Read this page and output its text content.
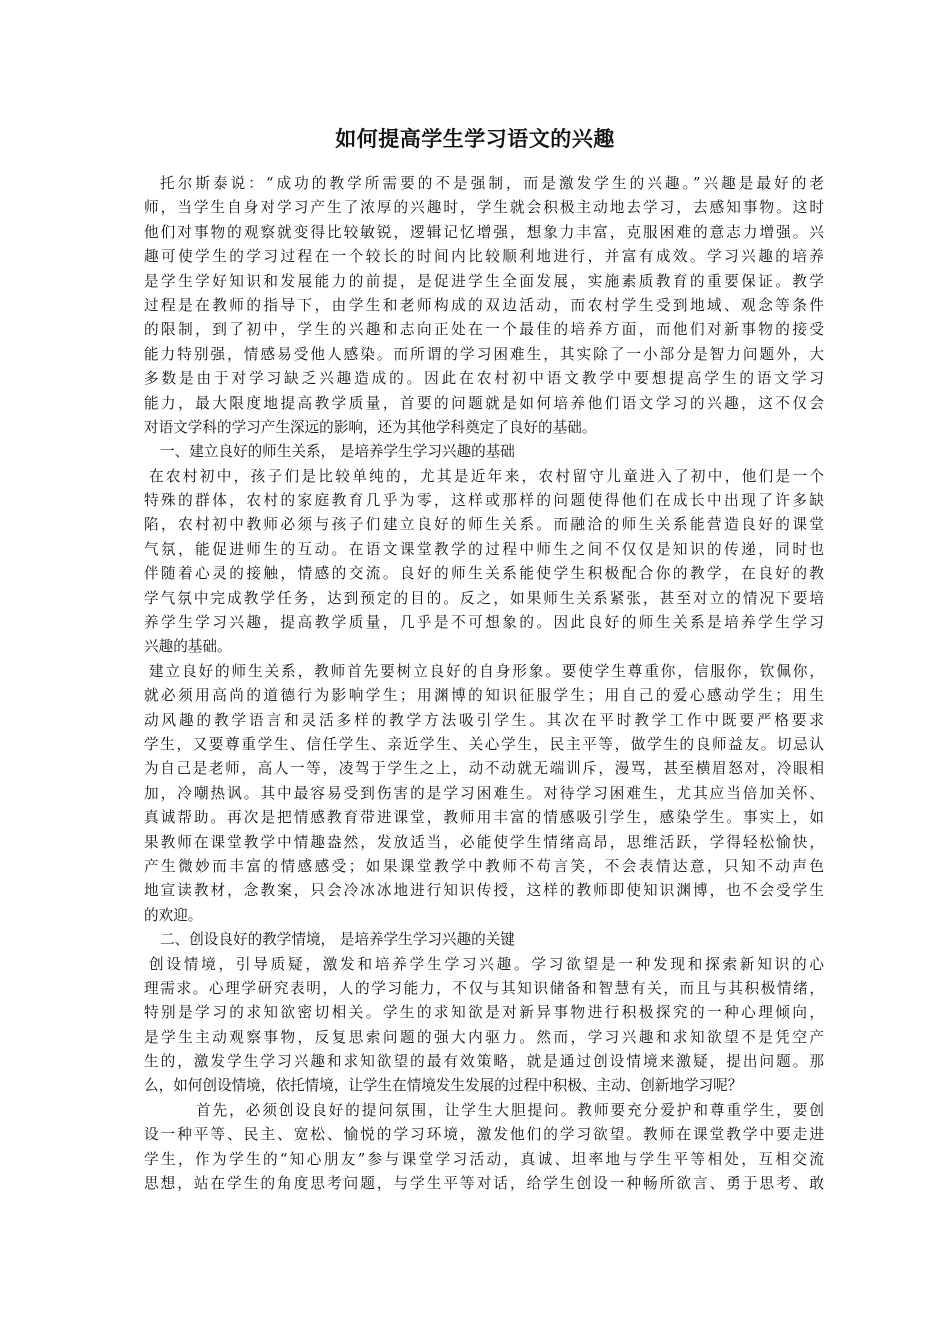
如何提高学生学习语文的兴趣
托尔斯泰说：“成功的教学所需要的不是强制，而是激发学生的兴趣。”兴趣是最好的老
师，当学生自身对学习产生了浓厚的兴趣时，学生就会积极主动地去学习，去感知事物。这时
他们对事物的观察就变得比较敏锐，逻辑记忆增强，想象力丰富，克服困难的意志力增强。兴
趣可使学生的学习过程在一个较长的时间内比较顺利地进行，并富有成效。学习兴趣的培养
是学生学好知识和发展能力的前提，是促进学生全面发展，实施素质教育的重要保证。教学
过程是在教师的指导下，由学生和老师构成的双边活动，而农村学生受到地域、观念等条件
的限制，到了初中，学生的兴趣和志向正处在一个最佳的培养方面，而他们对新事物的接受
能力特别强，情感易受他人感染。而所谓的学习困难生，其实除了一小部分是智力问题外，大
多数是由于对学习缺乏兴趣造成的。因此在农村初中语文教学中要想提高学生的语文学习
能力，最大限度地提高教学质量，首要的问题就是如何培养他们语文学习的兴趣，这不仅会
对语文学科的学习产生深远的影响，还为其他学科奠定了良好的基础。
一、建立良好的师生关系， 是培养学生学习兴趣的基础
在农村初中，孩子们是比较单纯的，尤其是近年来，农村留守儿童进入了初中，他们是一个
特殊的群体，农村的家庭教育几乎为零，这样或那样的问题使得他们在成长中出现了许多缺
陷，农村初中教师必须与孩子们建立良好的师生关系。而融洽的师生关系能营造良好的课堂
气氛，能促进师生的互动。在语文课堂教学的过程中师生之间不仅仅是知识的传递，同时也
伴随着心灵的接触，情感的交流。良好的师生关系能使学生积极配合你的教学，在良好的教
学气氛中完成教学任务，达到预定的目的。反之，如果师生关系紧张，甚至对立的情况下要培
养学生学习兴趣，提高教学质量，几乎是不可想象的。因此良好的师生关系是培养学生学习
兴趣的基础。
建立良好的师生关系，教师首先要树立良好的自身形象。要使学生尊重你，信服你，钦佩你，
就必须用高尚的道德行为影响学生；用渊博的知识征服学生；用自己的爱心感动学生；用生
动风趣的教学语言和灵活多样的教学方法吸引学生。其次在平时教学工作中既要严格要求
学生，又要尊重学生、信任学生、亲近学生、关心学生，民主平等，做学生的良师益友。切忌认
为自己是老师，高人一等，凌驾于学生之上，动不动就无端训斥，漫骂，甚至横眉怒对，冷眼相
加，冷嘲热讽。其中最容易受到伤害的是学习困难生。对待学习困难生，尤其应当倍加关怀、
真诚帮助。再次是把情感教育带进课堂，教师用丰富的情感吸引学生，感染学生。事实上，如
果教师在课堂教学中情趣盎然，发放适当，必能使学生情绪高昂，思维活跃，学得轻松愉快，
产生微妙而丰富的情感感受；如果课堂教学中教师不苟言笑，不会表情达意，只知不动声色
地宣读教材，念教案，只会冷冰冰地进行知识传授，这样的教师即使知识渊博，也不会受学生
的欢迎。
二、创设良好的教学情境， 是培养学生学习兴趣的关键
创设情境，引导质疑，激发和培养学生学习兴趣。学习欲望是一种发现和探索新知识的心
理需求。心理学研究表明，人的学习能力，不仅与其知识储备和智慧有关，而且与其积极情绪，
特别是学习的求知欲密切相关。学生的求知欲是对新异事物进行积极探究的一种心理倾向，
是学生主动观察事物，反复思索问题的强大内驱力。然而，学习兴趣和求知欲望不是凭空产
生的，激发学生学习兴趣和求知欲望的最有效策略，就是通过创设情境来激疑，提出问题。那
么，如何创设情境，依托情境，让学生在情境发生发展的过程中积极、主动、创新地学习呢？
首先，必须创设良好的提问氛围，让学生大胆提问。教师要充分爱护和尊重学生，要创
设一种平等、民主、宽松、愉悦的学习环境，激发他们的学习欲望。教师在课堂教学中要走进
学生，作为学生的“知心朋友”参与课堂学习活动，真诚、坦率地与学生平等相处，互相交流
思想，站在学生的角度思考问题，与学生平等对话，给学生创设一种畅所欲言、勇于思考、敢
